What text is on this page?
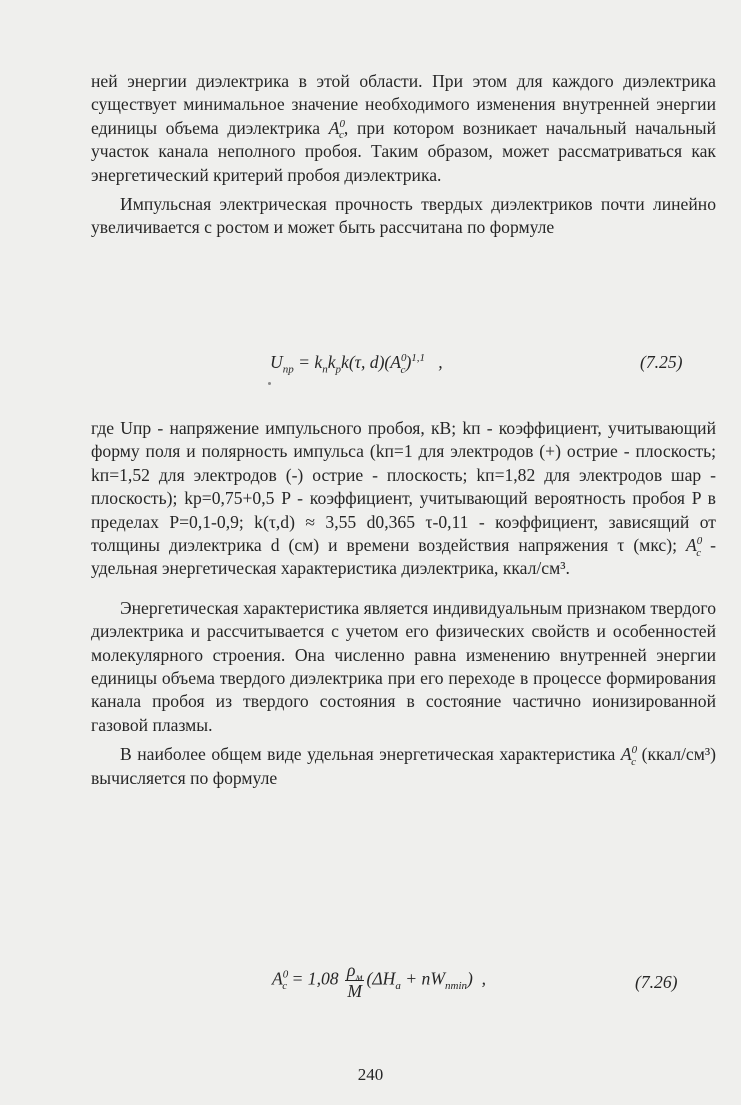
ней энергии диэлектрика в этой области. При этом для каждого диэлектрика существует минимальное значение необходимого изменения внутренней энергии единицы объема диэлектрика $A^0_c$, при котором возникает начальный начальный участок канала неполного пробоя. Таким образом, может рассматриваться как энергетический критерий пробоя диэлектрика.

Импульсная электрическая прочность твердых диэлектриков почти линейно увеличивается с ростом и может быть рассчитана по формуле

$U_{пр} = k_пk_рk(\tau$, $d)(A^0_c)^{1,1}$   ,	(7.25)

где Uпр - напряжение импульсного пробоя, кВ; kп - коэффициент, учитывающий форму поля и полярность импульса (kп=1 для электродов (+) острие - плоскость; kп=1,52 для электродов (-) острие - плоскость; kп=1,82 для электродов шар - плоскость); kр=0,75+0,5 P - коэффициент, учитывающий вероятность пробоя P в пределах P=0,1-0,9; k(τ,d) ≈ 3,55 d0,365 τ-0,11 - коэффициент, зависящий от толщины диэлектрика d (см) и времени воздействия напряжения τ (мкс); $A^0_c$ - удельная энергетическая характеристика диэлектрика, ккал/см³.

Энергетическая характеристика является индивидуальным признаком твердого диэлектрика и рассчитывается с учетом его физических свойств и особенностей молекулярного строения. Она численно равна изменению внутренней энергии единицы объема твердого диэлектрика при его переходе в процессе формирования канала пробоя из твердого состояния в состояние частично ионизированной газовой плазмы.

В наиболее общем виде удельная энергетическая характеристика $A^0_c$ (ккал/см³) вычисляется по формуле

$A^0_c = 1,08 \frac{\rho_м}{M} (\Delta H_a + nW_{nmin})$  ,	(7.26)
240
